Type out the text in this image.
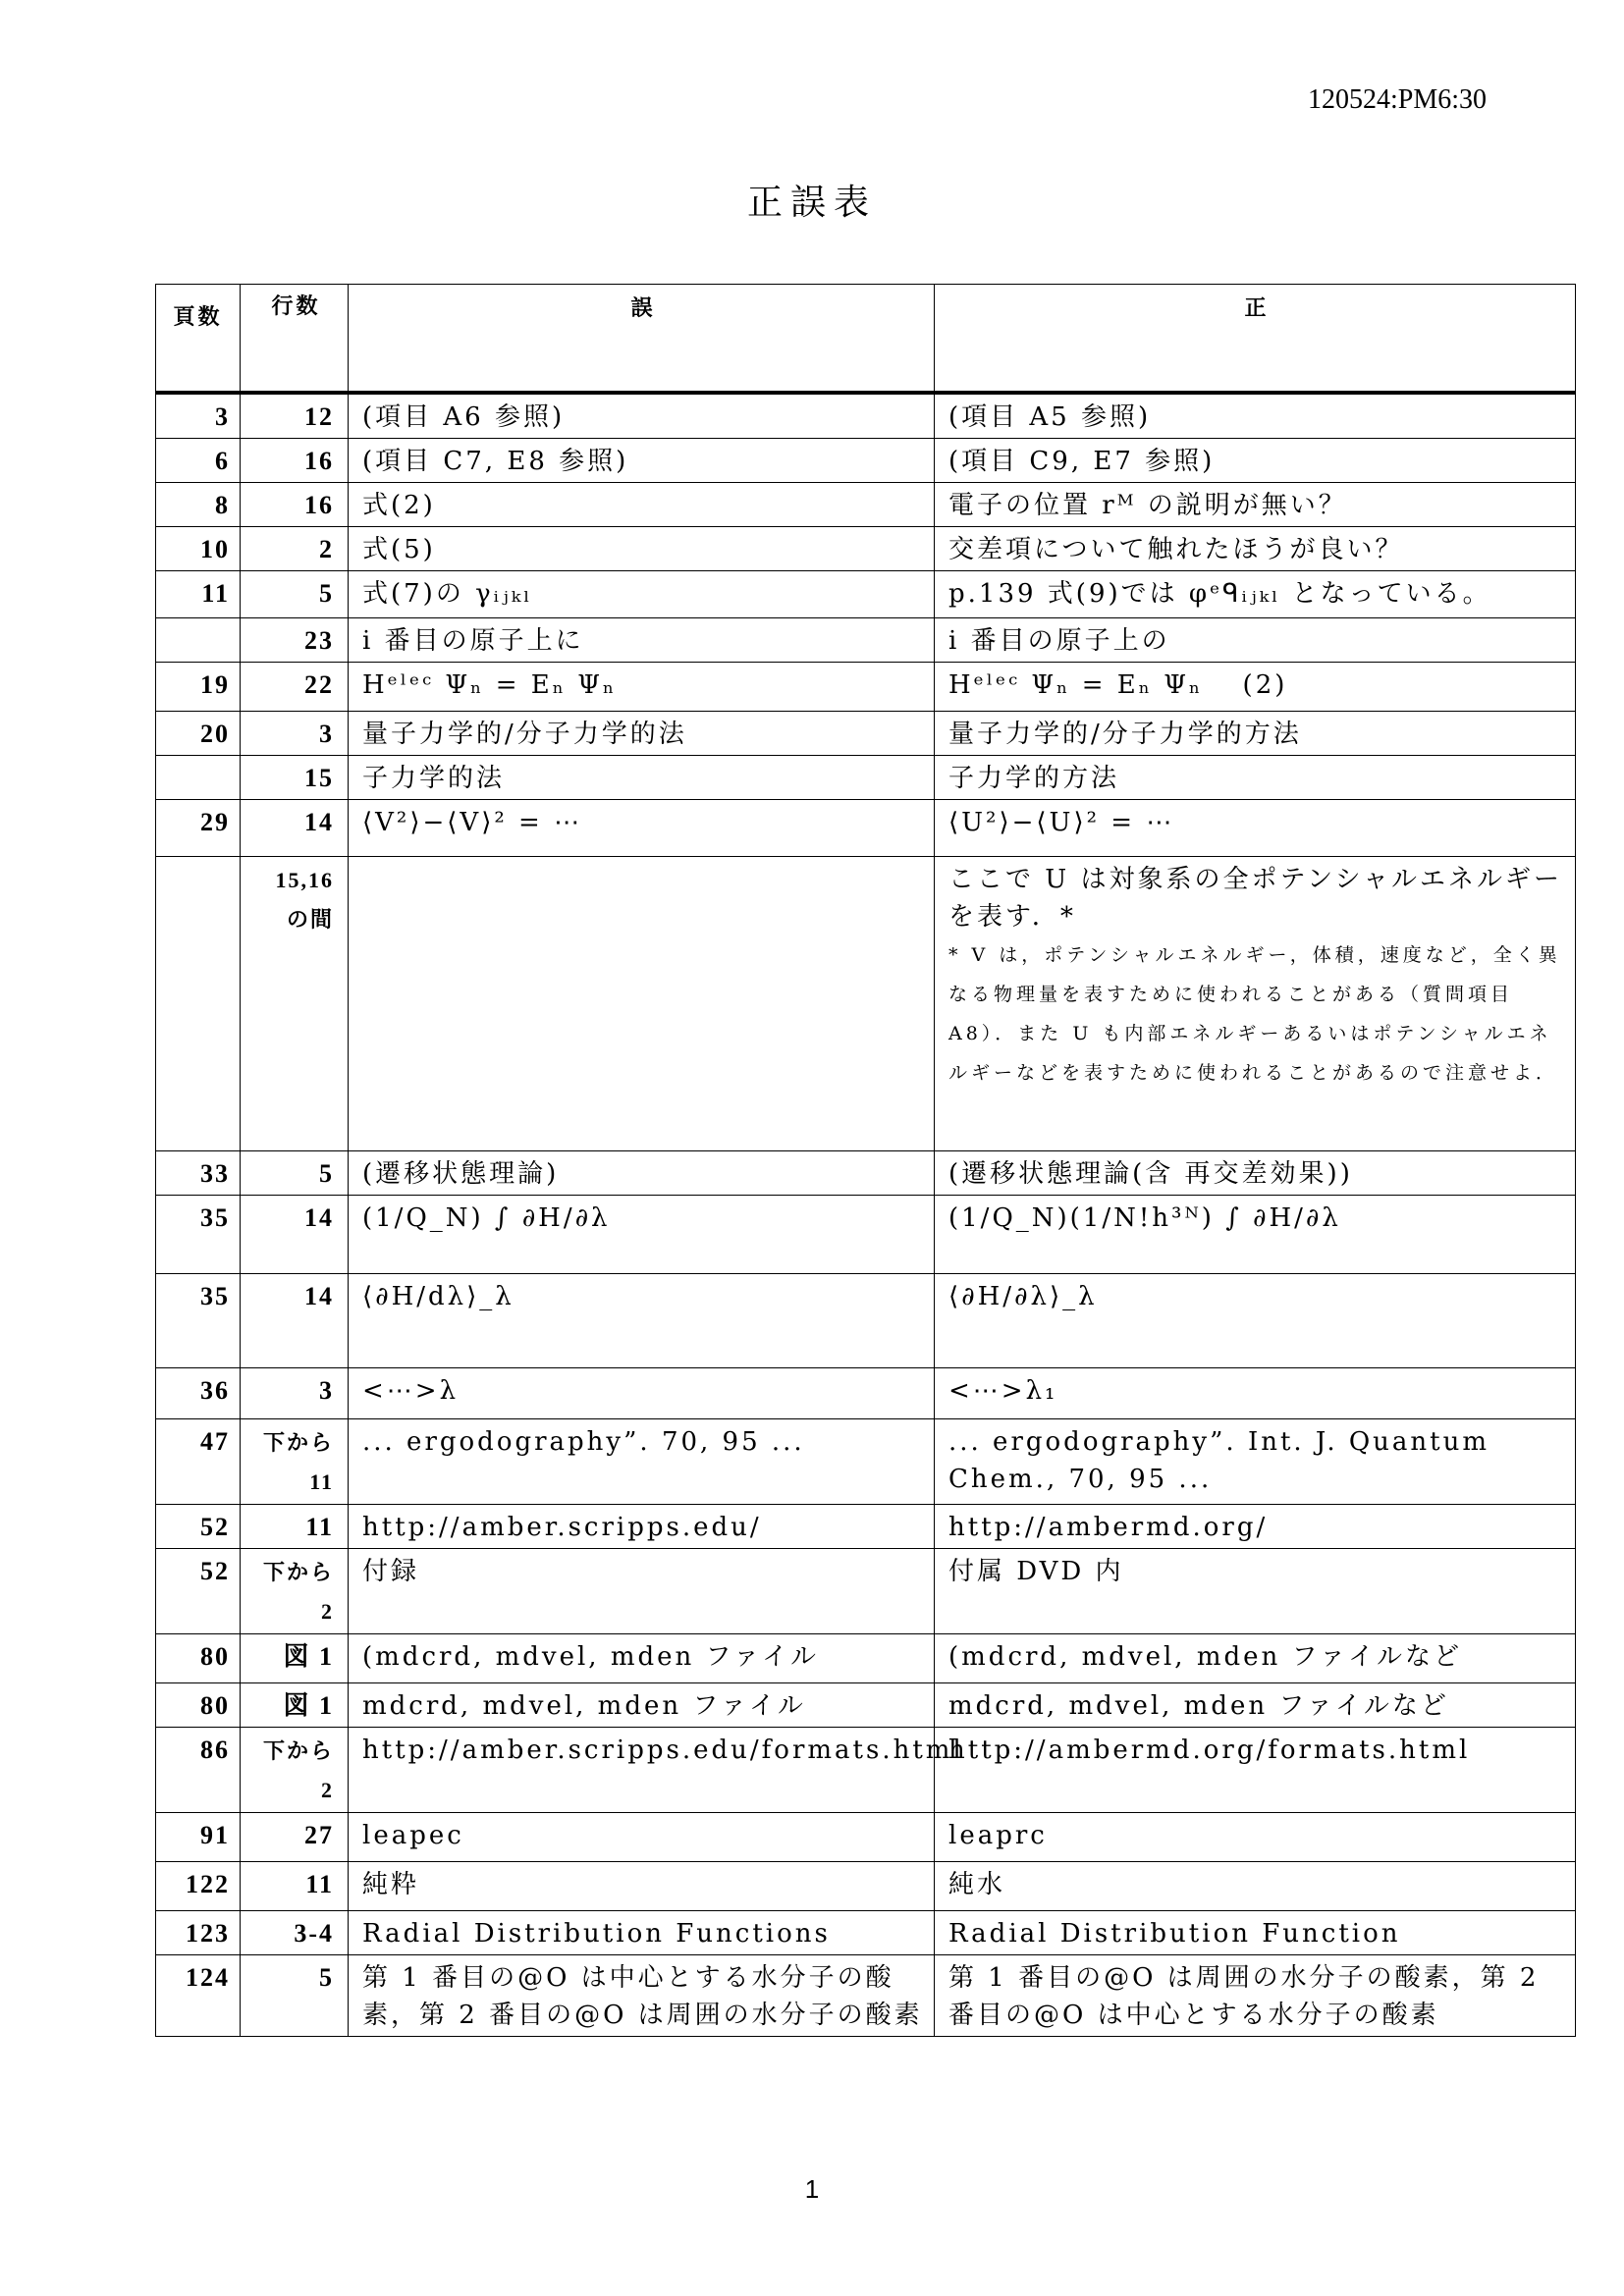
120524:PM6:30
正誤表
頁数	行数	誤	正
3	12	(項目 A6 参照)	(項目 A5 参照)
6	16	(項目 C7, E8 参照)	(項目 C9, E7 参照)
8	16	式(2)	電子の位置 rᴹ の説明が無い？
10	2	式(5)	交差項について触れたほうが良い？
11	5	式(7)の γᵢⱼₖₗ	p.139 式(9)では φᵉᑫᵢⱼₖₗ となっている。
	23	i 番目の原子上に	i 番目の原子上の
19	22	Hᵉˡᵉᶜ Ψₙ = Eₙ Ψₙ	Hᵉˡᵉᶜ Ψₙ = Eₙ Ψₙ　 (2)
20	3	量子力学的/分子力学的法	量子力学的/分子力学的方法
	15	子力学的法	子力学的方法
29	14	⟨V²⟩−⟨V⟩² = ⋯	⟨U²⟩−⟨U⟩² = ⋯
	15,16 の間		ここで U は対象系の全ポテンシャルエネルギーを表す．*
* V は，ポテンシャルエネルギー，体積，速度など，全く異なる物理量を表すために使われることがある（質問項目 A8）．また U も内部エネルギーあるいはポテンシャルエネルギーなどを表すために使われることがあるので注意せよ．

33	5	(遷移状態理論)	(遷移状態理論(含 再交差効果))
35	14	(1/Q_N) ∫ ∂H/∂λ	(1/Q_N)(1/N!h³ᴺ) ∫ ∂H/∂λ
35	14	⟨∂H/dλ⟩_λ	⟨∂H/∂λ⟩_λ
36	3	<⋯>λ	<⋯>λ₁
47	下から 11	... ergodography”. 70, 95 ...	... ergodography”. Int. J. Quantum Chem., 70, 95 ...
52	11	http://amber.scripps.edu/	http://ambermd.org/
52	下から 2	付録	付属 DVD 内
80	図 1	(mdcrd, mdvel, mden ファイル	(mdcrd, mdvel, mden ファイルなど
80	図 1	mdcrd, mdvel, mden ファイル	mdcrd, mdvel, mden ファイルなど
86	下から 2	http://amber.scripps.edu/formats.html	http://ambermd.org/formats.html
91	27	leapec	leaprc
122	11	純粋	純水
123	3-4	Radial Distribution Functions	Radial Distribution Function
124	5	第 1 番目の@O は中心とする水分子の酸素，第 2 番目の@O は周囲の水分子の酸素	第 1 番目の@O は周囲の水分子の酸素，第 2 番目の@O は中心とする水分子の酸素
1
